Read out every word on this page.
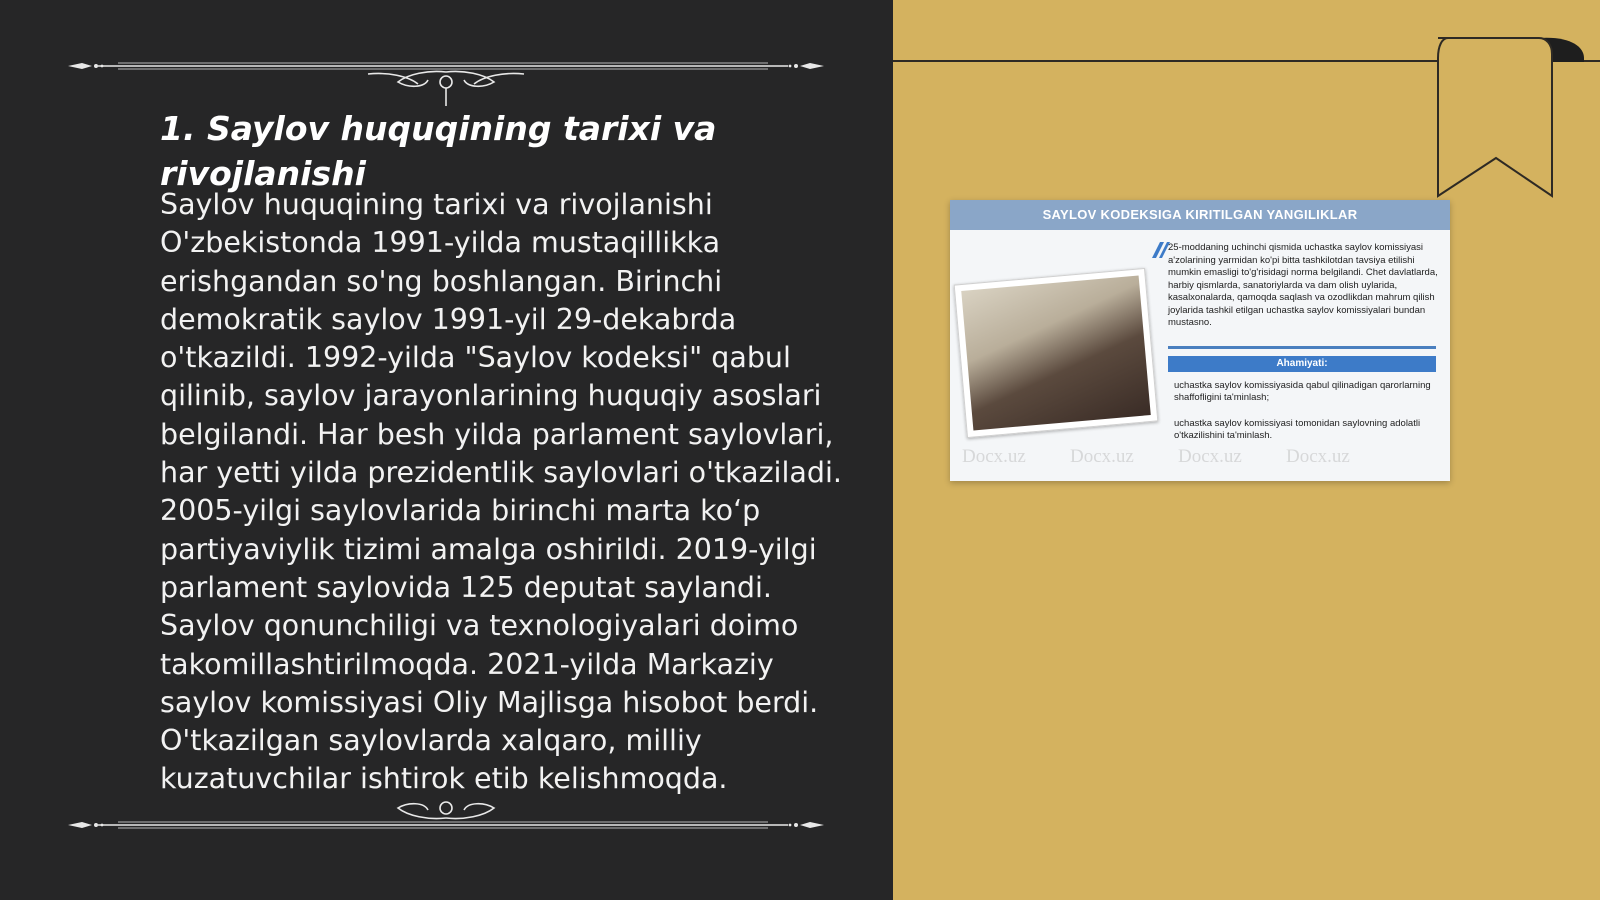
1. Saylov huquqining tarixi va rivojlanishi

Saylov huquqining tarixi va rivojlanishi O'zbekistonda 1991-yilda mustaqillikka erishgandan so'ng boshlangan. Birinchi demokratik saylov 1991-yil 29-dekabrda o'tkazildi. 1992-yilda "Saylov kodeksi" qabul qilinib, saylov jarayonlarining huquqiy asoslari belgilandi. Har besh yilda parlament saylovlari, har yetti yilda prezidentlik saylovlari o'tkaziladi. 2005-yilgi saylovlarida birinchi marta ko‘p partiyaviylik tizimi amalga oshirildi. 2019-yilgi parlament saylovida 125 deputat saylandi. Saylov qonunchiligi va texnologiyalari doimo takomillashtirilmoqda. 2021-yilda Markaziy saylov komissiyasi Oliy Majlisga hisobot berdi. O'tkazilgan saylovlarda xalqaro, milliy kuzatuvchilar ishtirok etib kelishmoqda.

SAYLOV KODEKSIGA KIRITILGAN YANGILIKLAR
25-moddaning uchinchi qismida uchastka saylov komissiyasi a'zolarining yarmidan ko'pi bitta tashkilotdan tavsiya etilishi mumkin emasligi to'g'risidagi norma belgilandi. Chet davlatlarda, harbiy qismlarda, sanatoriylarda va dam olish uylarida, kasalxonalarda, qamoqda saqlash va ozodlikdan mahrum qilish joylarida tashkil etilgan uchastka saylov komissiyalari bundan mustasno.
Ahamiyati:
uchastka saylov komissiyasida qabul qilinadigan qarorlarning shaffofligini ta'minlash;
uchastka saylov komissiyasi tomonidan saylovning adolatli o'tkazilishini ta'minlash.
Docx.uz Docx.uz Docx.uz Docx.uz
